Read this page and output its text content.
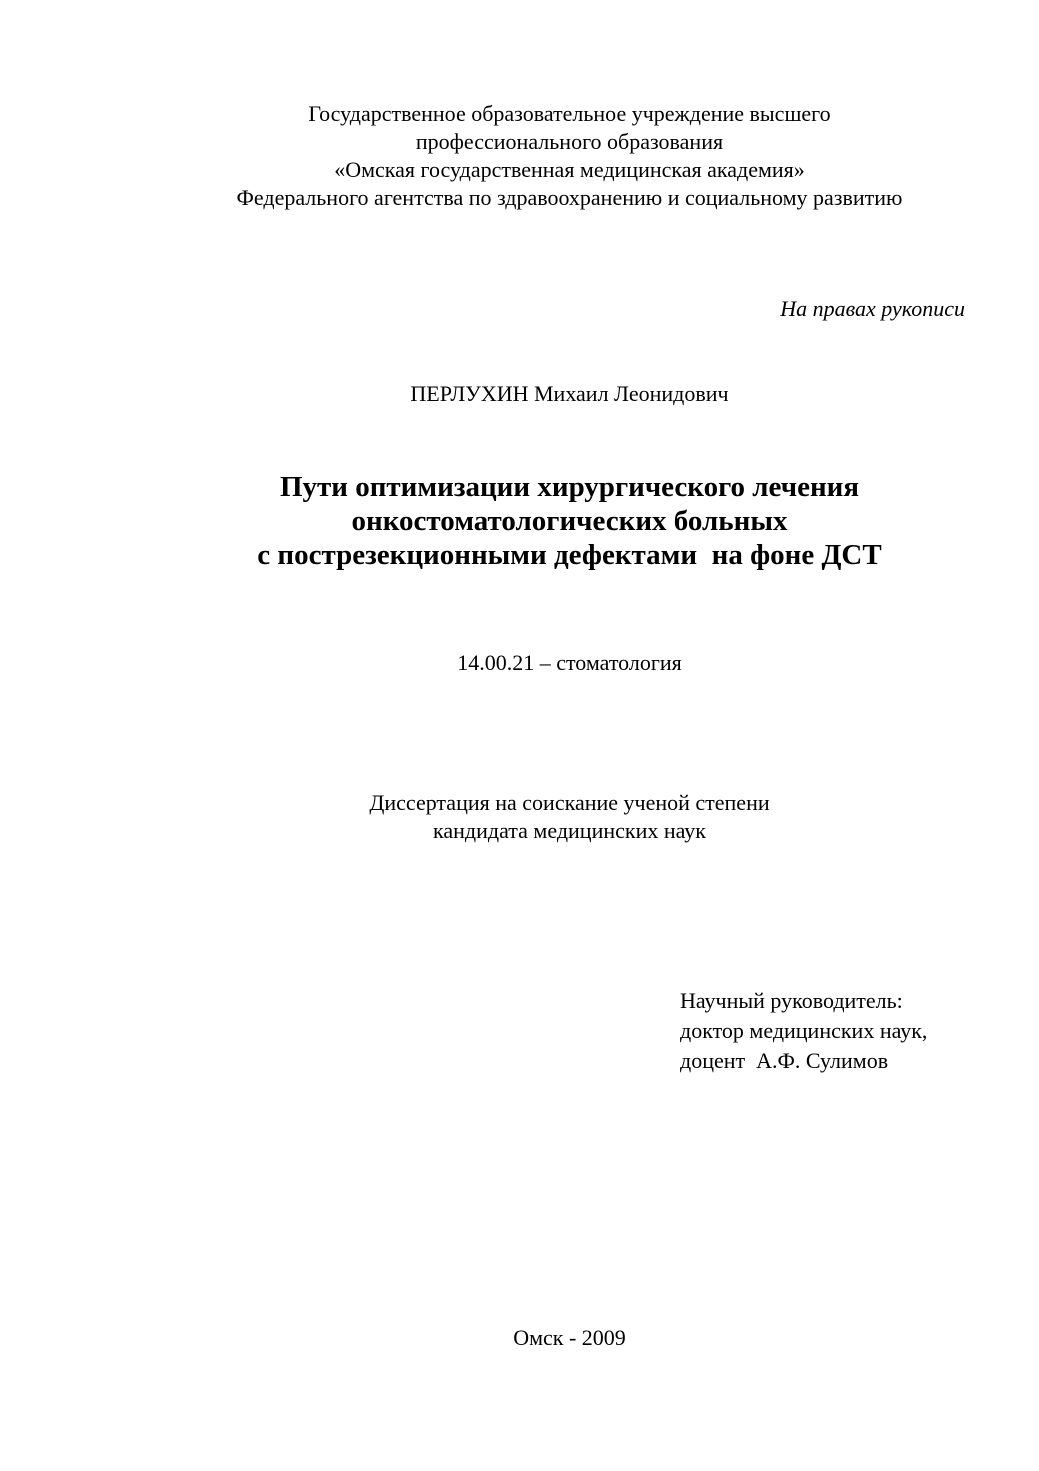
Государственное образовательное учреждение высшего
профессионального образования
«Омская государственная медицинская академия»
Федерального агентства по здравоохранению и социальному развитию
На правах рукописи
ПЕРЛУХИН Михаил Леонидович
Пути оптимизации хирургического лечения
онкостоматологических больных
с пострезекционными дефектами  на фоне ДСТ
14.00.21 – стоматология
Диссертация на соискание ученой степени
кандидата медицинских наук
Научный руководитель:
доктор медицинских наук,
доцент  А.Ф. Сулимов
Омск - 2009
